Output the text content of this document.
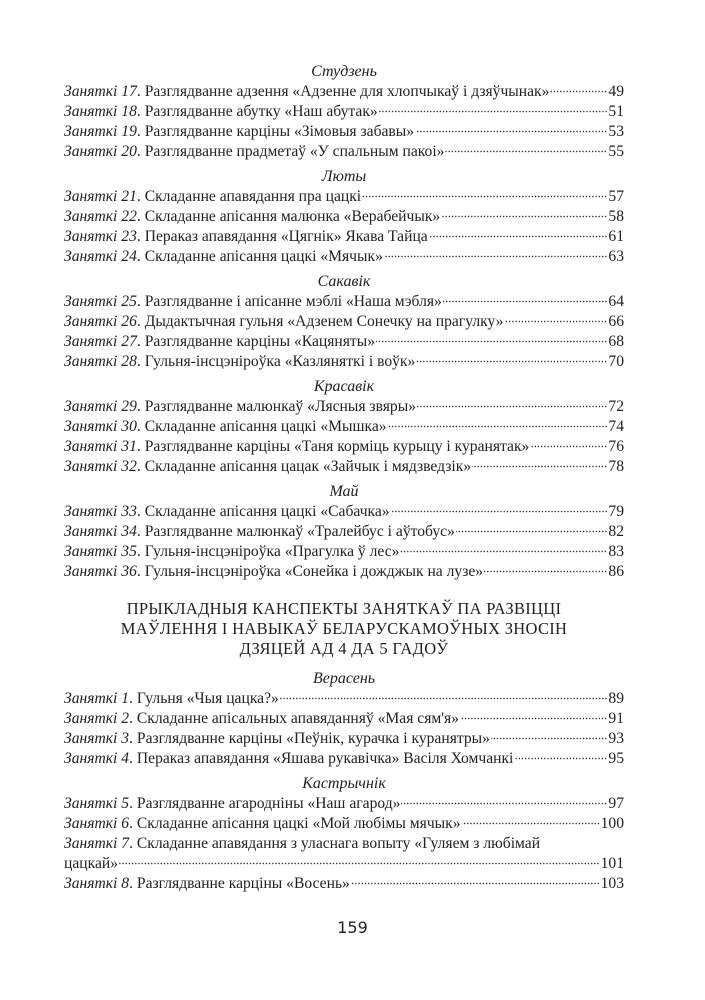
Студзень
Заняткі 17 . Разглядванне адзення «Адзенне для хлопчыкаў і дзяўчынак»	49
Заняткі 18 . Разглядванне абутку «Наш абутак»	51
Заняткі 19 . Разглядванне карціны «Зімовыя забавы»	53
Заняткі 20 . Разглядванне прадметаў «У спальным пакоі»	55
Люты
Заняткі 21 . Складанне апавядання пра цацкі	57
Заняткі 22 . Складанне апісання малюнка «Верабейчык»	58
Заняткі 23 . Пераказ апавядання «Цягнік» Якава Тайца	61
Заняткі 24 . Складанне апісання цацкі «Мячык»	63
Сакавік
Заняткі 25 . Разглядванне і апісанне мэблі «Наша мэбля»	64
Заняткі 26 . Дыдактычная гульня «Адзенем Сонечку на прагулку»	66
Заняткі 27 . Разглядванне карціны «Кацяняты»	68
Заняткі 28 . Гульня-інсцэніроўка «Казляняткі і воўк»	70
Красавік
Заняткі 29 . Разглядванне малюнкаў «Лясныя звяры»	72
Заняткі 30 . Складанне апісання цацкі «Мышка»	74
Заняткі 31 . Разглядванне карціны «Таня корміць курыцу і куранятак»	76
Заняткі 32 . Складанне апісання цацак «Зайчык і мядзведзік»	78
Май
Заняткі 33 . Складанне апісання цацкі «Сабачка»	79
Заняткі 34 . Разглядванне малюнкаў «Тралейбус і аўтобус»	82
Заняткі 35 . Гульня-інсцэніроўка «Прагулка ў лес»	83
Заняткі 36 . Гульня-інсцэніроўка «Сонейка і дожджык на лузе»	86
ПРЫКЛАДНЫЯ КАНСПЕКТЫ ЗАНЯТКАЎ ПА РАЗВІЦЦІ
МАЎЛЕННЯ І НАВЫКАЎ БЕЛАРУСКАМОЎНЫХ ЗНОСІН
ДЗЯЦЕЙ АД 4 ДА 5 ГАДОЎ
Верасень
Заняткі 1 . Гульня «Чыя цацка?»	89
Заняткі 2 . Складанне апісальных апавяданняў «Мая сям'я»	91
Заняткі 3 . Разглядванне карціны «Пеўнік, курачка і куранятры»	93
Заняткі 4 . Пераказ апавядання «Яшава рукавічка» Васіля Хомчанкі	95
Кастрычнік
Заняткі 5 . Разглядванне агародніны «Наш агарод»	97
Заняткі 6 . Складанне апісання цацкі «Мой любімы мячык»	100
Заняткі 7. Складанне апавядання з уласнага вопыту «Гуляем з любімай
цацкай»	101
Заняткі 8 . Разглядванне карціны «Восень»	103
159
